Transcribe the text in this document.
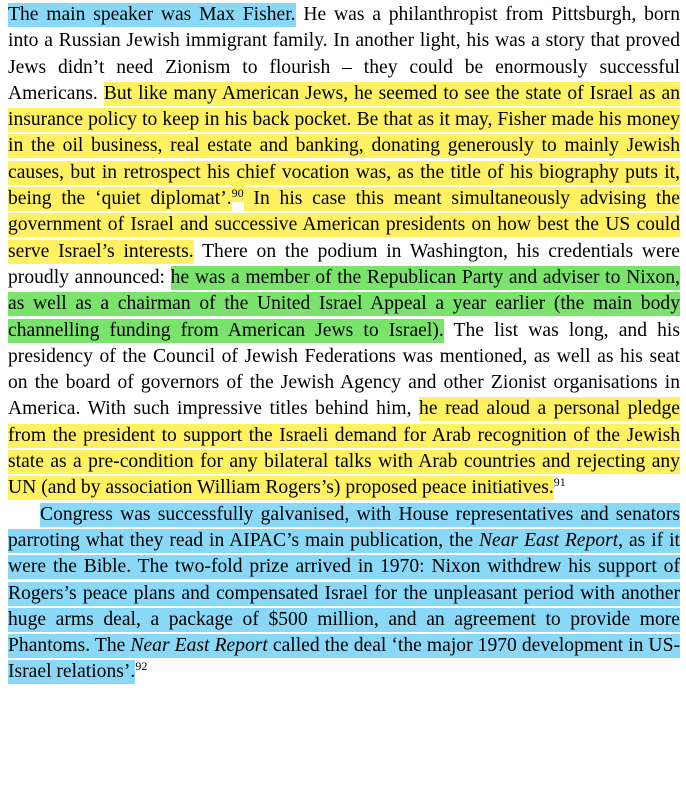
The main speaker was Max Fisher. He was a philanthropist from Pittsburgh, born into a Russian Jewish immigrant family. In another light, his was a story that proved Jews didn’t need Zionism to flourish – they could be enormously successful Americans. But like many American Jews, he seemed to see the state of Israel as an insurance policy to keep in his back pocket. Be that as it may, Fisher made his money in the oil business, real estate and banking, donating generously to mainly Jewish causes, but in retrospect his chief vocation was, as the title of his biography puts it, being the ‘quiet diplomat’.$^{90}$ In his case this meant simultaneously advising the government of Israel and successive American presidents on how best the US could serve Israel’s interests. There on the podium in Washington, his credentials were proudly announced: he was a member of the Republican Party and adviser to Nixon, as well as a chairman of the United Israel Appeal a year earlier (the main body channelling funding from American Jews to Israel). The list was long, and his presidency of the Council of Jewish Federations was mentioned, as well as his seat on the board of governors of the Jewish Agency and other Zionist organisations in America. With such impressive titles behind him, he read aloud a personal pledge from the president to support the Israeli demand for Arab recognition of the Jewish state as a pre-condition for any bilateral talks with Arab countries and rejecting any UN (and by association William Rogers’s) proposed peace initiatives.$^{91}$

Congress was successfully galvanised, with House representatives and senators parroting what they read in AIPAC’s main publication, the Near East Report, as if it were the Bible. The two-fold prize arrived in 1970: Nixon withdrew his support of Rogers’s peace plans and compensated Israel for the unpleasant period with another huge arms deal, a package of $500 million, and an agreement to provide more Phantoms. The Near East Report called the deal ‘the major 1970 development in US-Israel relations’.$^{92}$
